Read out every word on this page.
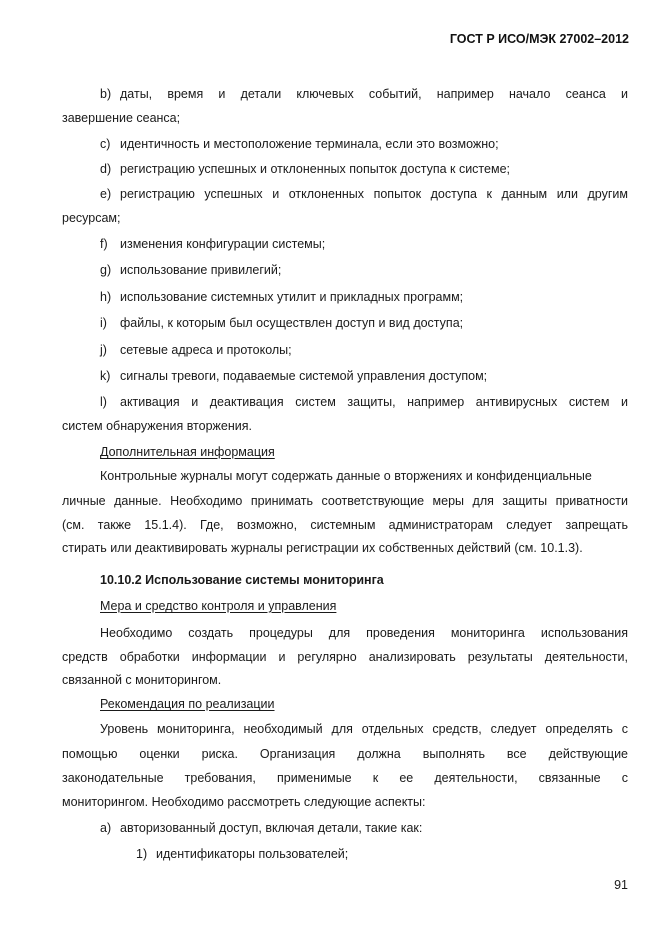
ГОСТ Р ИСО/МЭК 27002–2012
b) даты, время и детали ключевых событий, например начало сеанса и
завершение сеанса;
c) идентичность и местоположение терминала, если это возможно;
d) регистрацию успешных и отклоненных попыток доступа к системе;
e) регистрацию успешных и отклоненных попыток доступа к данным или другим
ресурсам;
f) изменения конфигурации системы;
g) использование привилегий;
h) использование системных утилит и прикладных программ;
i) файлы, к которым был осуществлен доступ и вид доступа;
j) сетевые адреса и протоколы;
k) сигналы тревоги, подаваемые системой управления доступом;
l) активация и деактивация систем защиты, например антивирусных систем и
систем обнаружения вторжения.
Дополнительная информация
Контрольные журналы могут содержать данные о вторжениях и конфиденциальные
личные данные. Необходимо принимать соответствующие меры для защиты приватности
(см. также 15.1.4). Где, возможно, системным администраторам следует запрещать
стирать или деактивировать журналы регистрации их собственных действий (см. 10.1.3).
10.10.2 Использование системы мониторинга
Мера и средство контроля и управления
Необходимо создать процедуры для проведения мониторинга использования
средств обработки информации и регулярно анализировать результаты деятельности,
связанной с мониторингом.
Рекомендация по реализации
Уровень мониторинга, необходимый для отдельных средств, следует определять с
помощью оценки риска. Организация должна выполнять все действующие
законодательные требования, применимые к ее деятельности, связанные с
мониторингом. Необходимо рассмотреть следующие аспекты:
a) авторизованный доступ, включая детали, такие как:
1) идентификаторы пользователей;
91
